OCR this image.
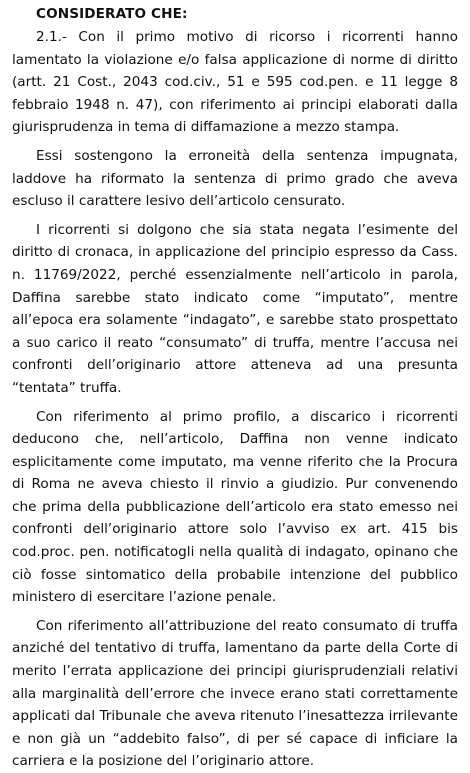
CONSIDERATO CHE:

2.1.- Con il primo motivo di ricorso i ricorrenti hanno lamentato la violazione e/o falsa applicazione di norme di diritto (artt. 21 Cost., 2043 cod.civ., 51 e 595 cod.pen. e 11 legge 8 febbraio 1948 n. 47), con riferimento ai principi elaborati dalla giurisprudenza in tema di diffamazione a mezzo stampa.

Essi sostengono la erroneità della sentenza impugnata, laddove ha riformato la sentenza di primo grado che aveva escluso il carattere lesivo dell’articolo censurato.

I ricorrenti si dolgono che sia stata negata l’esimente del diritto di cronaca, in applicazione del principio espresso da Cass. n. 11769/2022, perché essenzialmente nell’articolo in parola, Daffina sarebbe stato indicato come “imputato”, mentre all’epoca era solamente “indagato”, e sarebbe stato prospettato a suo carico il reato “consumato” di truffa, mentre l’accusa nei confronti dell’originario attore atteneva ad una presunta “tentata” truffa.

Con riferimento al primo profilo, a discarico i ricorrenti deducono che, nell’articolo, Daffina non venne indicato esplicitamente come imputato, ma venne riferito che la Procura di Roma ne aveva chiesto il rinvio a giudizio. Pur convenendo che prima della pubblicazione dell’articolo era stato emesso nei confronti dell’originario attore solo l’avviso ex art. 415 bis cod.proc. pen. notificatogli nella qualità di indagato, opinano che ciò fosse sintomatico della probabile intenzione del pubblico ministero di esercitare l’azione penale.

Con riferimento all’attribuzione del reato consumato di truffa anziché del tentativo di truffa, lamentano da parte della Corte di merito l’errata applicazione dei principi giurisprudenziali relativi alla marginalità dell’errore che invece erano stati correttamente applicati dal Tribunale che aveva ritenuto l’inesattezza irrilevante e non già un “addebito falso”, di per sé capace di inficiare la carriera e la posizione del l’originario attore.
